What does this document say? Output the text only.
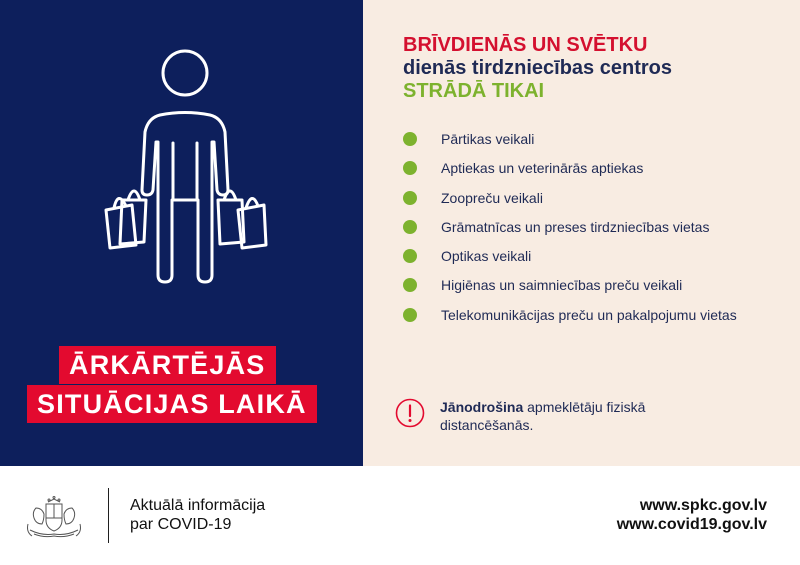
ĀRKĀRTĒJĀS
SITUĀCIJAS LAIKĀ
BRĪVDIENĀS UN SVĒTKU
dienās tirdzniecības centros
STRĀDĀ TIKAI
Pārtikas veikali
Aptiekas un veterinārās aptiekas
Zoopreču veikali
Grāmatnīcas un preses tirdzniecības vietas
Optikas veikali
Higiēnas un saimniecības preču veikali
Telekomunikācijas preču un pakalpojumu vietas
Jānodrošina apmeklētāju fiziskā distancēšanās.
Aktuālā informācija
par COVID-19
www.spkc.gov.lv
www.covid19.gov.lv
